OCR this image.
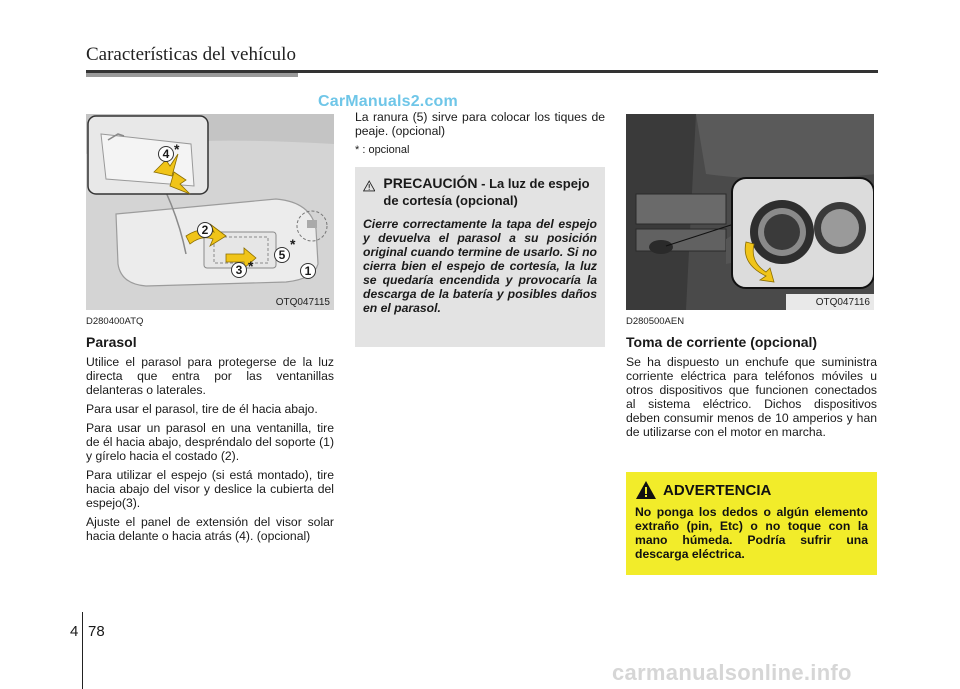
Características del vehículo
CarManuals2.com
4 *
2
5
*
3 *	1
OTQ047115
D280400ATQ
Parasol

Utilice el parasol para protegerse de la luz directa que entra por las ventanillas delanteras o laterales.

Para usar el parasol, tire de él hacia abajo.

Para usar un parasol en una ventanilla, tire de él hacia abajo, despréndalo del soporte (1) y gírelo hacia el costado (2).

Para utilizar el espejo (si está montado), tire hacia abajo del visor y deslice la cubierta del espejo(3).

Ajuste el panel de extensión del visor solar hacia delante o hacia atrás (4). (opcional)

La ranura (5) sirve para colocar los tiques de peaje. (opcional)

* : opcional

PRECAUCIÓN - La luz de espejo de cortesía (opcional)
Cierre correctamente la tapa del espejo y devuelva el parasol a su posición original cuando termine de usarlo. Si no cierra bien el espejo de cortesía, la luz se quedaría encendida y provocaría la descarga de la batería y posibles daños en el parasol.	OTQ047116
D280500AEN
Toma de corriente (opcional)

Se ha dispuesto un enchufe que suministra corriente eléctrica para teléfonos móviles u otros dispositivos que funcionen conectados al sistema eléctrico. Dichos dispositivos deben consumir menos de 10 amperios y han de utilizarse con el motor en marcha.

ADVERTENCIA
No ponga los dedos o algún elemento extraño (pin, Etc) o no toque con la mano húmeda. Podría sufrir una descarga eléctrica.
4 78
carmanualsonline.info
